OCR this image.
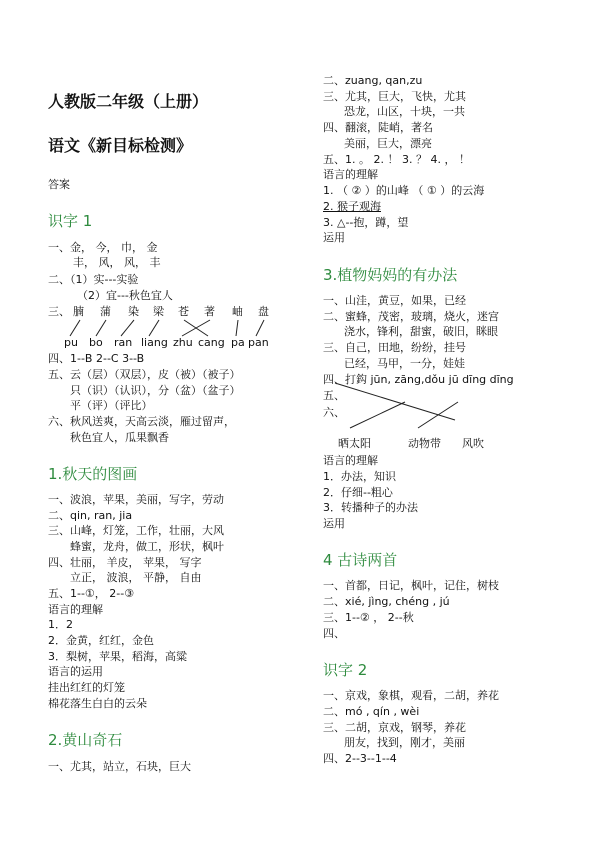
人教版二年级（上册）
语文《新目标检测》
答案
识字 1
一、金， 今， 巾， 金
丰， 风， 风， 丰
二、（1）实---实验
（2）宜---秋色宜人
三、 腩 蒲 染 梁 苍 著 岫 盘
pu bo ran liang zhu cang pa pan
四、1--B 2--C 3--B
五、云（层）（双层），皮（被）（被子）
只（识）（认识），分（盆）（盆子）
平（评）（评比）
六、秋风送爽，天高云淡，雁过留声，
秋色宜人，瓜果飘香
1.秋天的图画
一、波浪，苹果，美丽，写字，劳动
二、qin, ran, jia
三、山峰，灯笼，工作，壮丽，大风
蜂蜜，龙舟，做工，形状，枫叶
四、壮丽， 羊皮， 苹果， 写字
立正， 波浪， 平静， 自由
五、1--①， 2--③
语言的理解
1．2
2．金黄，红红，金色
3．梨树，苹果，稻海，高粱
语言的运用
挂出红红的灯笼
棉花落生白白的云朵
2.黄山奇石
一、尤其，站立，石块，巨大
二、zuang, qan,zu
三、尤其，巨大，飞快，尤其
恐龙，山区，十块，一共
四、翻滚，陡峭，著名
美丽，巨大，漂亮
五、1. 。 2. ！ 3. ？ 4. ， ！
语言的理解
1. （ ② ）的山峰 （ ① ）的云海
2. 猴子观海
3. △--抱，蹲，望
运用
3.植物妈妈的有办法
一、山洼，黄豆，如果，已经
二、蜜蜂，茂密，玻璃，烧火，迷宫
浇水，锋利，甜蜜，破旧，眯眼
三、自己，田地，纷纷，挂号
已经，马甲，一分，娃娃
四、打鈎 jūn, zāng,dǒu jū dīng dīng
五、
六、
晒太阳	动物带 风吹
语言的理解
1．办法，知识
2．仔细--粗心
3．转播种子的办法
运用
4 古诗两首
一、首都，日记，枫叶，记住，树枝
二、xié, jìng, chéng , jú
三、1--② ， 2--秋
四、
识字 2
一、京戏，象棋，观看，二胡，养花
二、mó , qín , wèi
三、二胡，京戏，钢琴，养花
朋友，找到，刚才，美丽
四、2--3--1--4
